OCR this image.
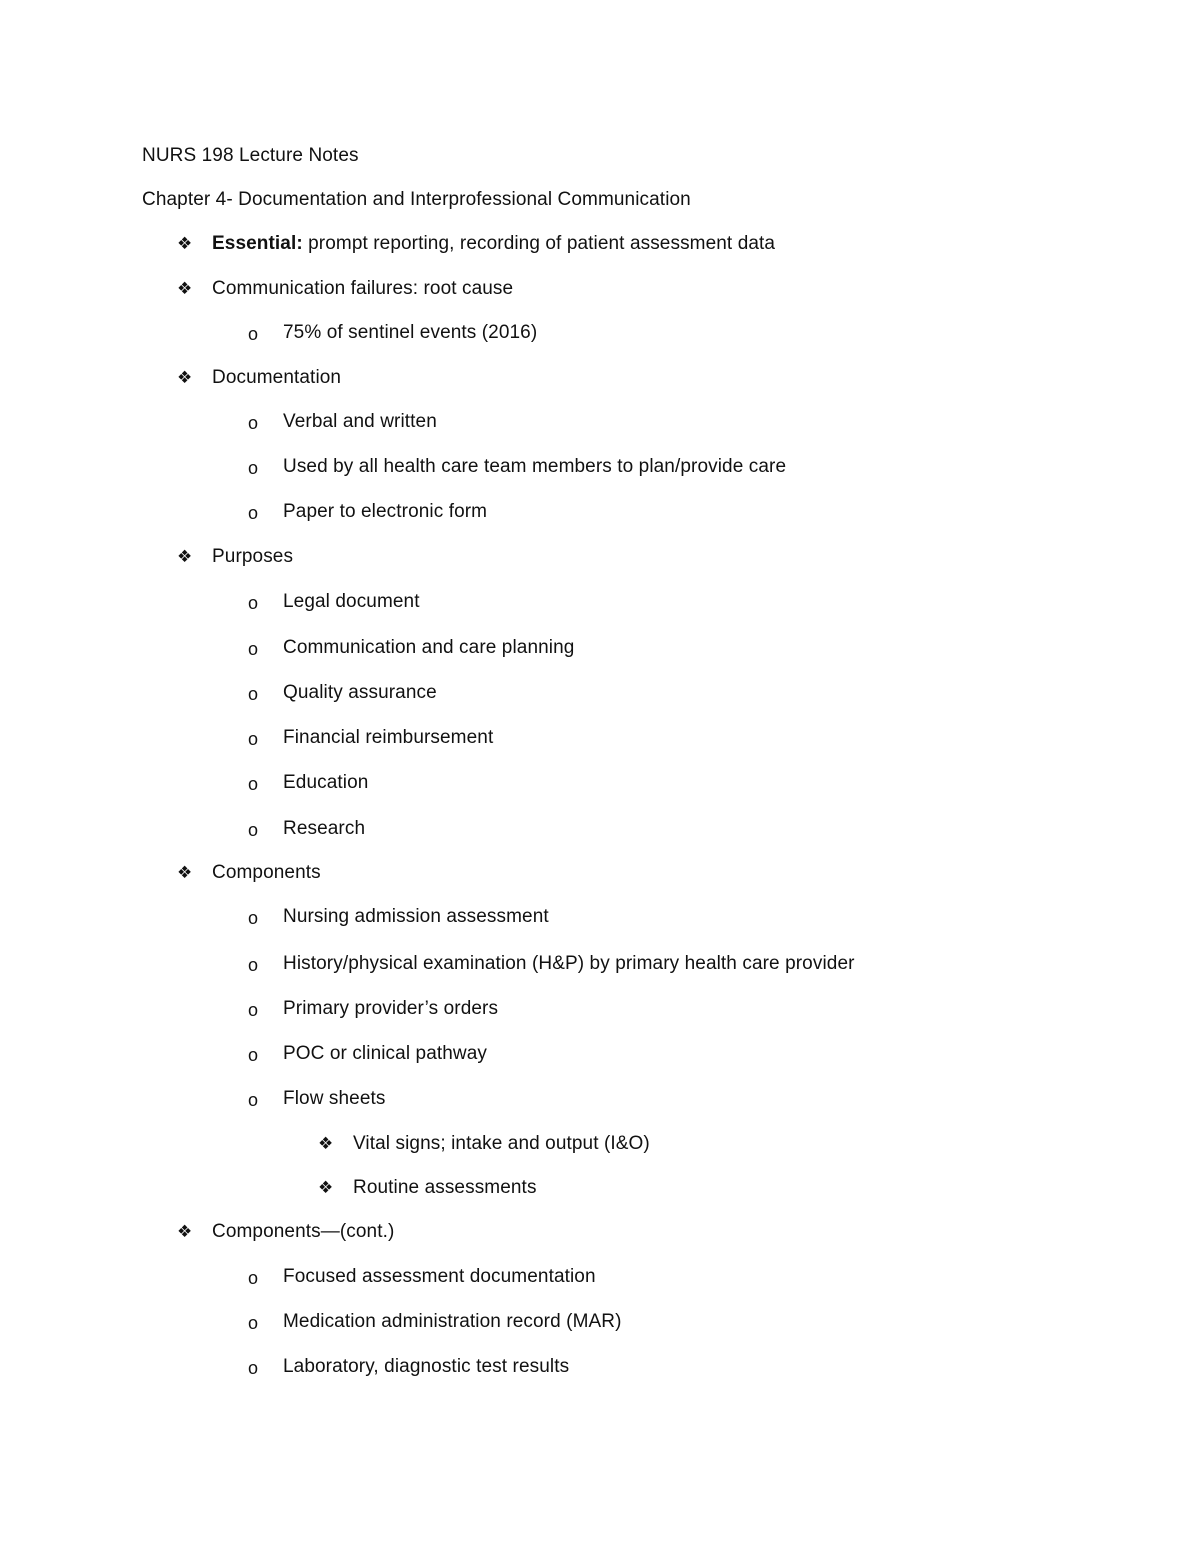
NURS 198 Lecture Notes
Chapter 4- Documentation and Interprofessional Communication
❖ Essential: prompt reporting, recording of patient assessment data
❖ Communication failures: root cause
o 75% of sentinel events (2016)
❖ Documentation
o Verbal and written
o Used by all health care team members to plan/provide care
o Paper to electronic form
❖ Purposes
o Legal document
o Communication and care planning
o Quality assurance
o Financial reimbursement
o Education
o Research
❖ Components
o Nursing admission assessment
o History/physical examination (H&P) by primary health care provider
o Primary provider’s orders
o POC or clinical pathway
o Flow sheets
❖ Vital signs; intake and output (I&O)
❖ Routine assessments
❖ Components—(cont.)
o Focused assessment documentation
o Medication administration record (MAR)
o Laboratory, diagnostic test results
